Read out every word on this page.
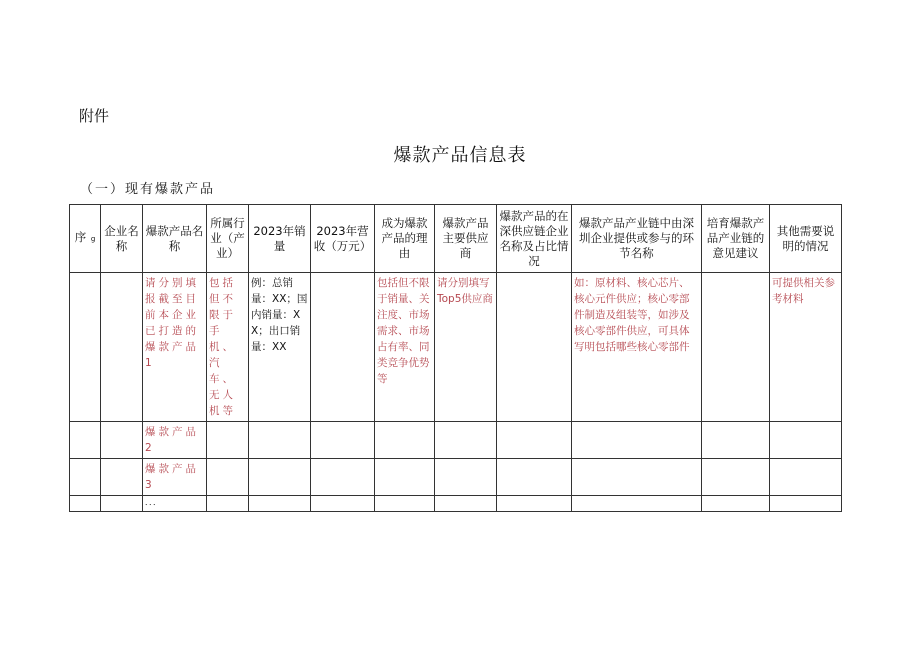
附件
爆款产品信息表
（一）现有爆款产品
序  g	企业名称	爆款产品名称	所属行业（产业）	2023年销量	2023年营收（万元）	成为爆款产品的理由	爆款产品主要供应商	爆款产品的在深供应链企业名称及占比情况	爆款产品产业链中由深圳企业提供或参与的环节名称	培育爆款产品产业链的意见建议	其他需要说明的情况
		请分别填报截至目前本企业已打造的爆款产品1	包括但不限于手机、汽车、无人机等	例：总销量：XX；国内销量：XX；出口销量：XX		包括但不限于销量、关注度、市场需求、市场占有率、同类竞争优势等	请分别填写Top5供应商		如：原材料、核心芯片、核心元件供应；核心零部件制造及组装等，如涉及核心零部件供应，可具体写明包括哪些核心零部件		可提供相关参考材料
		爆款产品2									
		爆款产品3									
		．．．									
